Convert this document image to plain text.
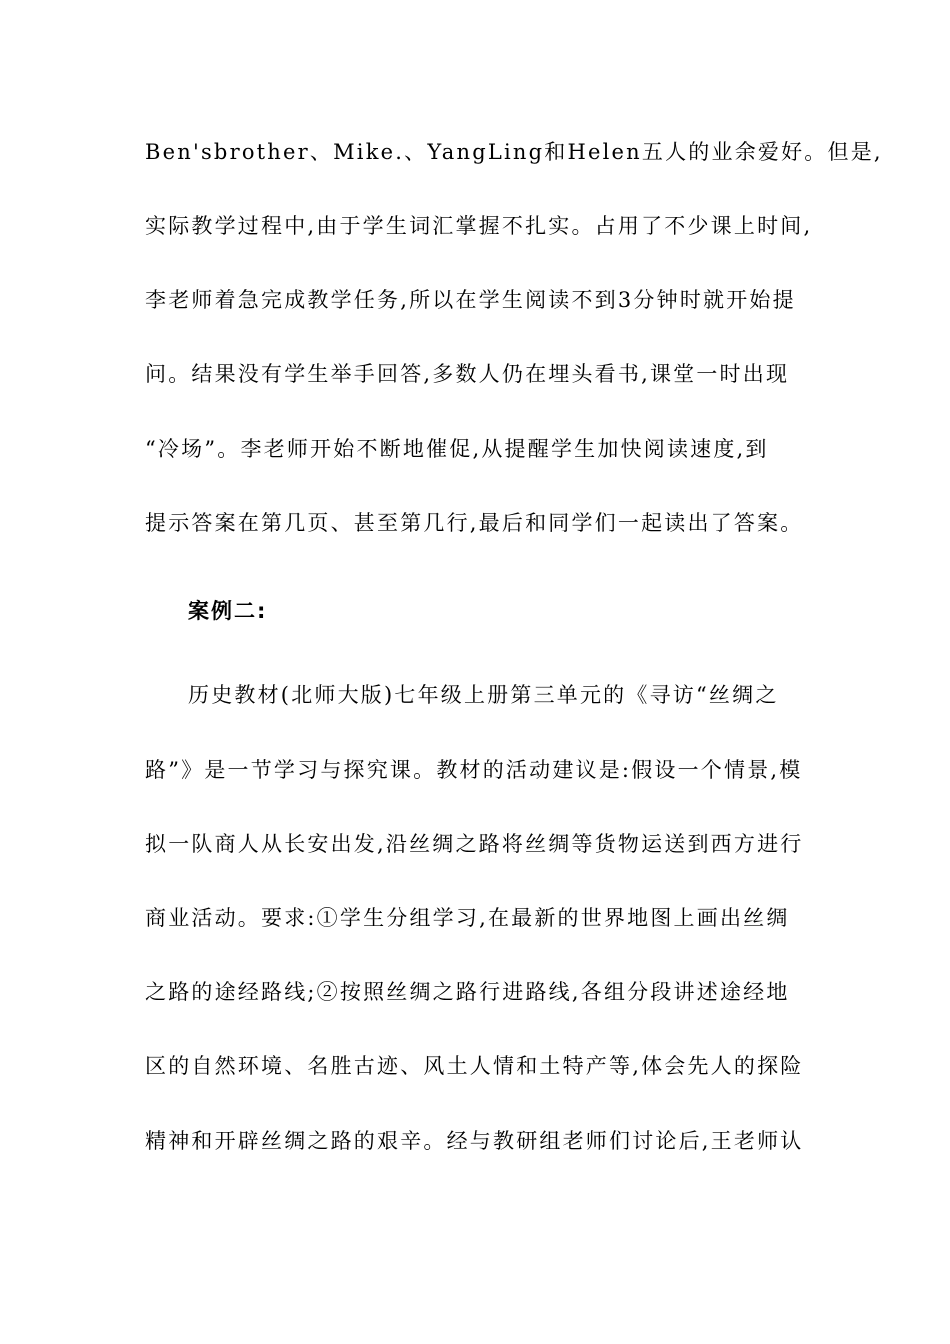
Ben'sbrother、Mike.、YangLing和Helen五人的业余爱好。但是,
实际教学过程中,由于学生词汇掌握不扎实。占用了不少课上时间,
李老师着急完成教学任务,所以在学生阅读不到3分钟时就开始提
问。结果没有学生举手回答,多数人仍在埋头看书,课堂一时出现
“冷场”。李老师开始不断地催促,从提醒学生加快阅读速度,到
提示答案在第几页、甚至第几行,最后和同学们一起读出了答案。
案例二:
历史教材(北师大版)七年级上册第三单元的《寻访“丝绸之
路”》是一节学习与探究课。教材的活动建议是:假设一个情景,模
拟一队商人从长安出发,沿丝绸之路将丝绸等货物运送到西方进行
商业活动。要求:①学生分组学习,在最新的世界地图上画出丝绸
之路的途经路线;②按照丝绸之路行进路线,各组分段讲述途经地
区的自然环境、名胜古迹、风土人情和土特产等,体会先人的探险
精神和开辟丝绸之路的艰辛。经与教研组老师们讨论后,王老师认
